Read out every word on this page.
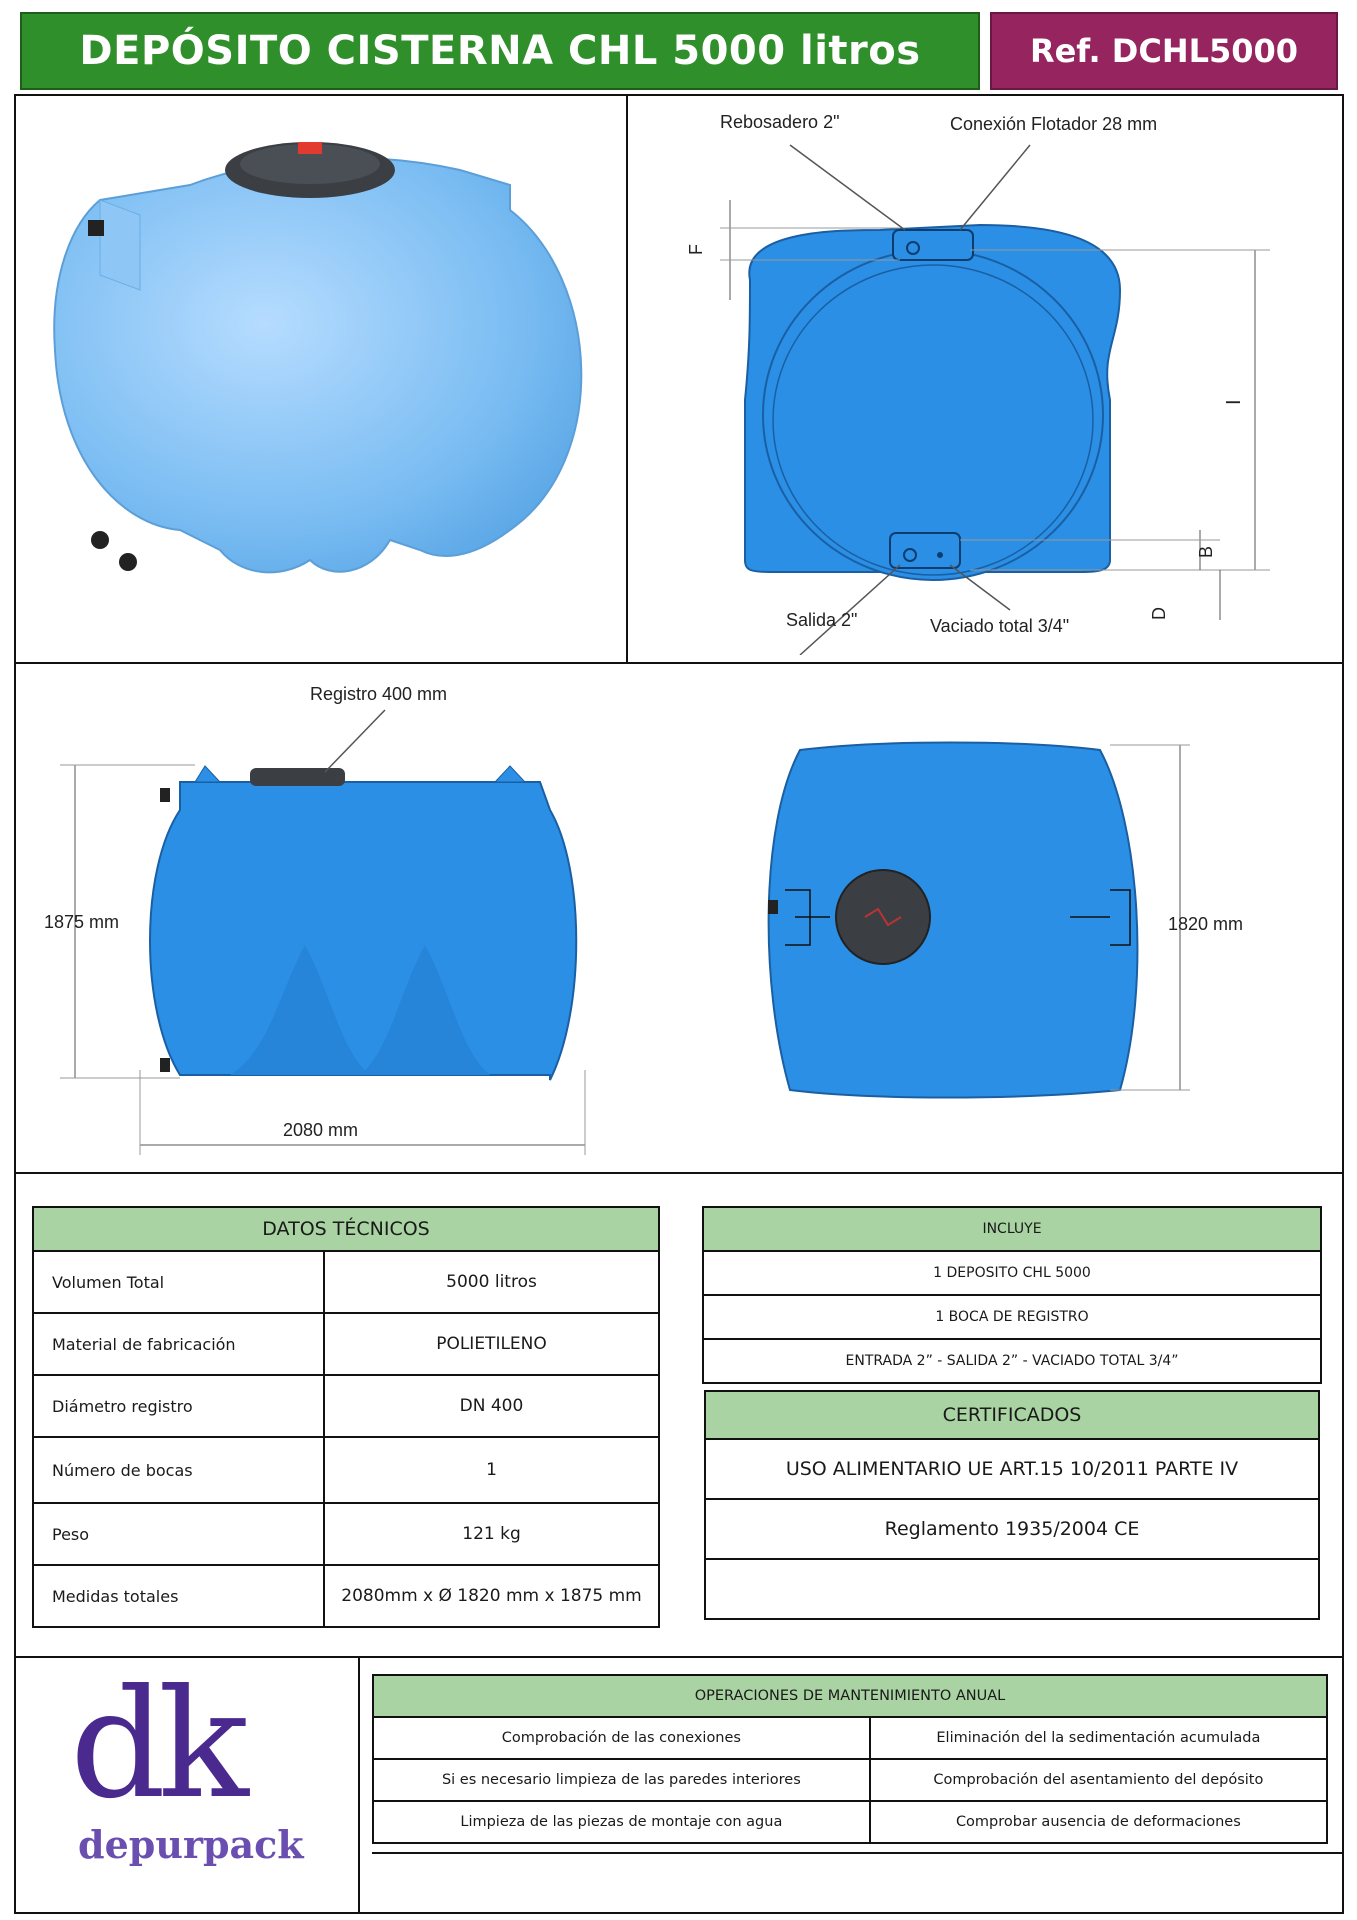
DEPÓSITO CISTERNA CHL 5000 litros	Ref. DCHL5000
F
I
B
D
Rebosadero 2"	Conexión Flotador 28 mm
Salida 2"	Vaciado total 3/4"
Registro 400 mm
1875 mm
2080 mm
1820 mm
DATOS TÉCNICOS	
Volumen Total	5000 litros
Material de fabricación	POLIETILENO
Diámetro registro	DN 400
Número de bocas	1
Peso	121 kg
Medidas totales	2080mm x Ø 1820 mm x 1875 mm
INCLUYE
1 DEPOSITO CHL 5000
1 BOCA DE REGISTRO
ENTRADA 2” - SALIDA 2” - VACIADO TOTAL 3/4”
CERTIFICADOS
USO ALIMENTARIO UE ART.15 10/2011 PARTE IV
Reglamento 1935/2004 CE

dk
depurpack
OPERACIONES DE MANTENIMIENTO ANUAL	
Comprobación de las conexiones	Eliminación del la sedimentación acumulada
Si es necesario limpieza de las paredes interiores	Comprobación del asentamiento del depósito
Limpieza de las piezas de montaje con agua	Comprobar ausencia de deformaciones
